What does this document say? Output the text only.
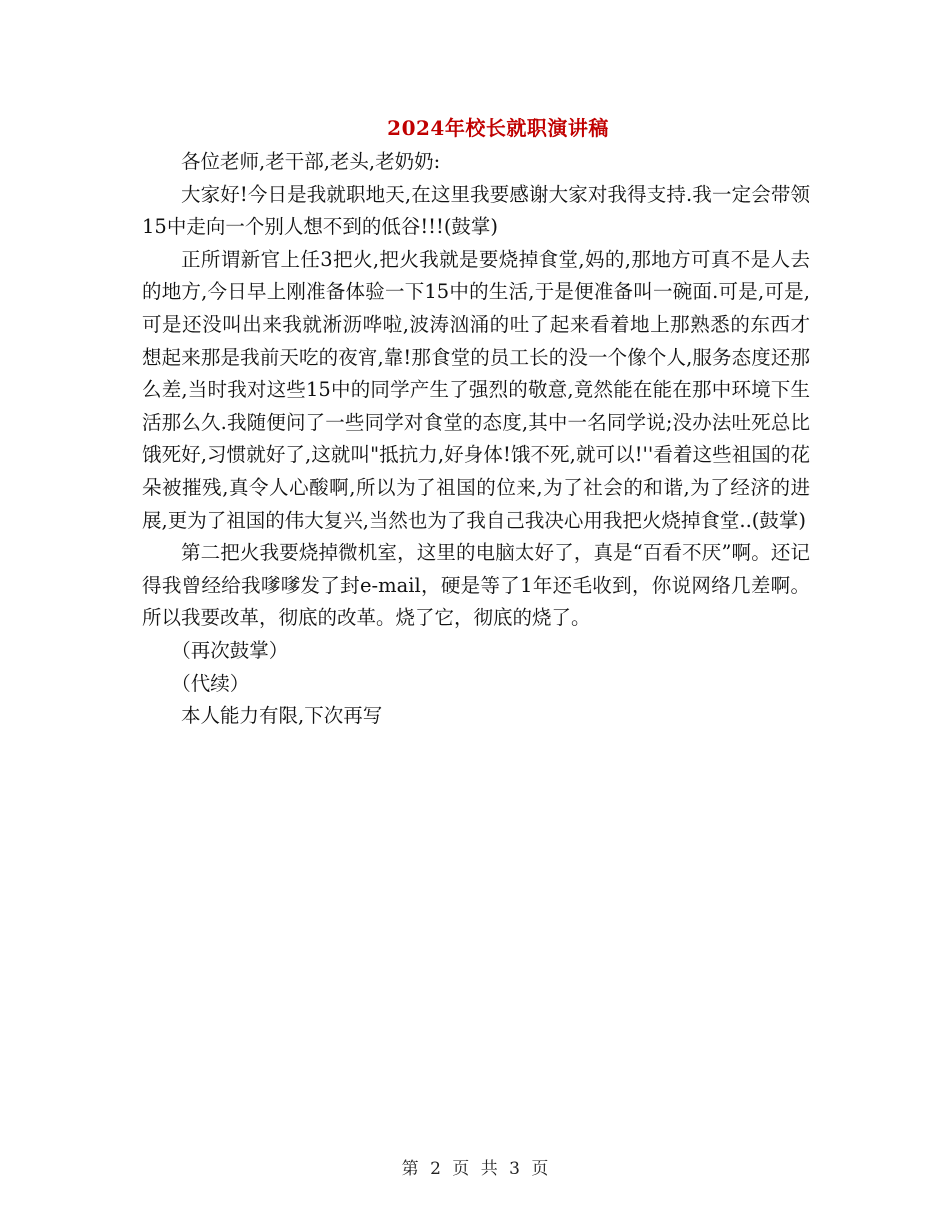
2024年校长就职演讲稿

各位老师,老干部,老头,老奶奶:

大家好!今日是我就职地天,在这里我要感谢大家对我得支持.我一定会带领15中走向一个别人想不到的低谷!!!(鼓掌)

正所谓新官上任3把火,把火我就是要烧掉食堂,妈的,那地方可真不是人去的地方,今日早上刚准备体验一下15中的生活,于是便准备叫一碗面.可是,可是,可是还没叫出来我就淅沥哗啦,波涛汹涌的吐了起来看着地上那熟悉的东西才想起来那是我前天吃的夜宵,靠!那食堂的员工长的没一个像个人,服务态度还那么差,当时我对这些15中的同学产生了强烈的敬意,竟然能在能在那中环境下生活那么久.我随便问了一些同学对食堂的态度,其中一名同学说;没办法吐死总比饿死好,习惯就好了,这就叫"抵抗力,好身体!饿不死,就可以!''看着这些祖国的花朵被摧残,真令人心酸啊,所以为了祖国的位来,为了社会的和谐,为了经济的进展,更为了祖国的伟大复兴,当然也为了我自己我决心用我把火烧掉食堂..(鼓掌)

第二把火我要烧掉微机室，这里的电脑太好了，真是“百看不厌”啊。还记得我曾经给我嗲嗲发了封e-mail，硬是等了1年还毛收到，你说网络几差啊。所以我要改革，彻底的改革。烧了它，彻底的烧了。

（再次鼓掌）

（代续）

本人能力有限,下次再写

第 2 页 共 3 页
